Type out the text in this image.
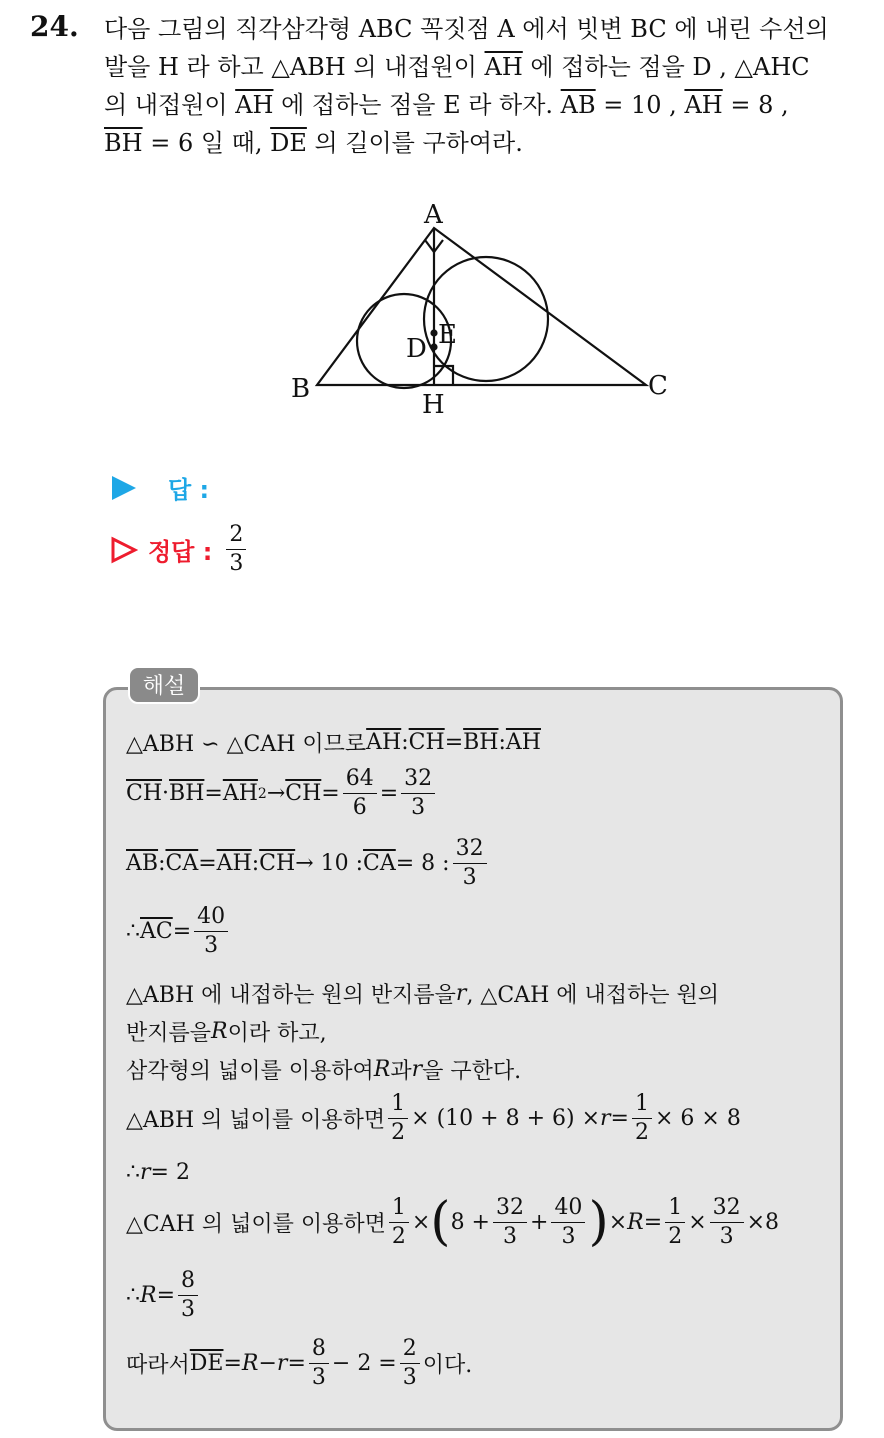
24. 다음 그림의 직각삼각형 ABC 꼭짓점 A 에서 빗변 BC 에 내린 수선의
발을 H 라 하고 △ABH 의 내접원이 $\overline{AH}$ 에 접하는 점을 D , △AHC
의 내접원이 $\overline{AH}$ 에 접하는 점을 E 라 하자. $\overline{AB} = 10$ , $\overline{AH} = 8$ ,
$\overline{BH} = 6$ 일 때, $\overline{DE}$ 의 길이를 구하여라.
A
B	C
H
E
D
답 :
정답 : $\frac{2}{3}$
해설
△ABH ∽ △CAH 이므로 $\overline{AH}$ : $\overline{CH} = \overline{BH}$ : $\overline{AH}$
$\overline{CH} \cdot \overline{BH} = \overline{AH}$ $2 \to \overline{CH} = \frac{64}{6} = \frac{32}{3}$
$\overline{AB}$ : $\overline{CA} = \overline{AH}$ : $\overline{CH} \to 10$ : $\overline{CA} = 8$ : $\frac{32}{3}$
∴ $\overline{AC} = \frac{40}{3}$
△ABH 에 내접하는 원의 반지름을 r , △CAH 에 내접하는 원의
반지름을 R 이라 하고,
삼각형의 넓이를 이용하여 R 과 r 을 구한다.
△ABH 의 넓이를 이용하면 $\frac{1}{2} \times (10 + 8 + 6) \times r = \frac{1}{2} \times 6 \times 8$
∴ r = 2
△CAH 의 넓이를 이용하면 $\frac{1}{2}$ × ( $8 + \frac{32}{3} + \frac{40}{3}$ ) × $R = \frac{1}{2} \times \frac{32}{3} \times 8$
∴ $R = \frac{8}{3}$
따라서 $\overline{DE} = R - r = \frac{8}{3} - 2 = \frac{2}{3}$ 이다.
